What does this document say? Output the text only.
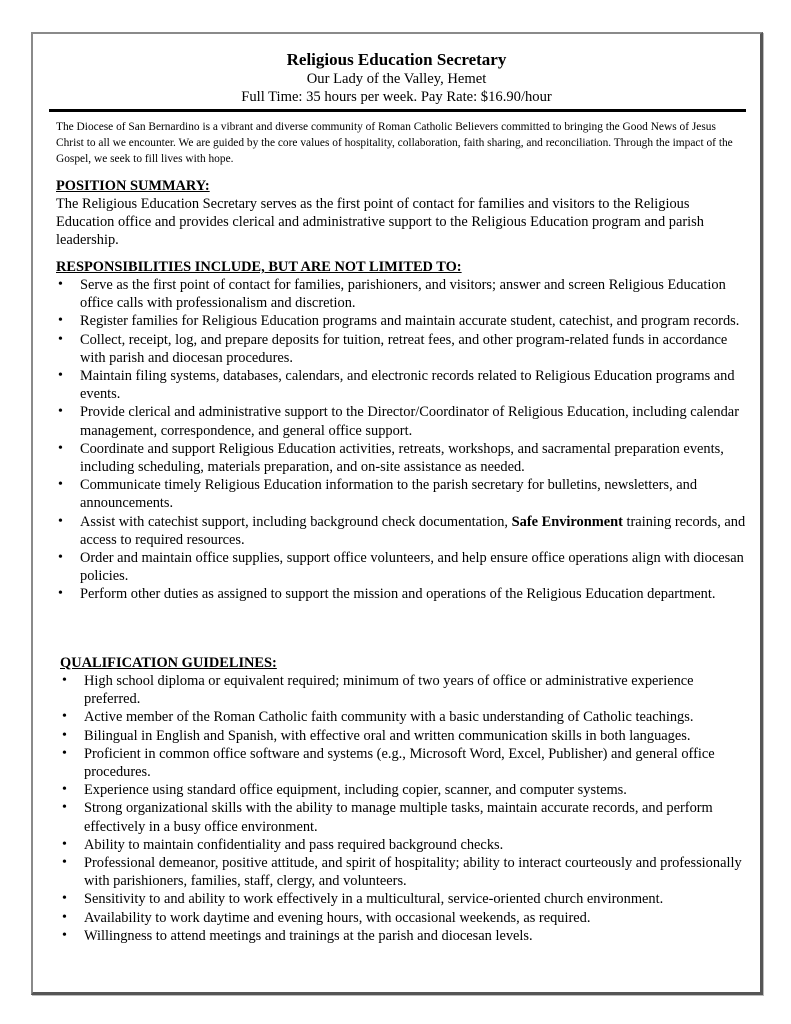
Religious Education Secretary
Our Lady of the Valley, Hemet
Full Time: 35 hours per week. Pay Rate: $16.90/hour
The Diocese of San Bernardino is a vibrant and diverse community of Roman Catholic Believers committed to bringing the Good News of Jesus Christ to all we encounter. We are guided by the core values of hospitality, collaboration, faith sharing, and reconciliation. Through the impact of the Gospel, we seek to fill lives with hope.
POSITION SUMMARY:
The Religious Education Secretary serves as the first point of contact for families and visitors to the Religious Education office and provides clerical and administrative support to the Religious Education program and parish leadership.
RESPONSIBILITIES INCLUDE, BUT ARE NOT LIMITED TO:
• Serve as the first point of contact for families, parishioners, and visitors; answer and screen Religious Education office calls with professionalism and discretion.
• Register families for Religious Education programs and maintain accurate student, catechist, and program records.
• Collect, receipt, log, and prepare deposits for tuition, retreat fees, and other program-related funds in accordance with parish and diocesan procedures.
• Maintain filing systems, databases, calendars, and electronic records related to Religious Education programs and events.
• Provide clerical and administrative support to the Director/Coordinator of Religious Education, including calendar management, correspondence, and general office support.
• Coordinate and support Religious Education activities, retreats, workshops, and sacramental preparation events, including scheduling, materials preparation, and on-site assistance as needed.
• Communicate timely Religious Education information to the parish secretary for bulletins, newsletters, and announcements.
• Assist with catechist support, including background check documentation, Safe Environment training records, and access to required resources.
• Order and maintain office supplies, support office volunteers, and help ensure office operations align with diocesan policies.
• Perform other duties as assigned to support the mission and operations of the Religious Education department.
QUALIFICATION GUIDELINES:
• High school diploma or equivalent required; minimum of two years of office or administrative experience preferred.
• Active member of the Roman Catholic faith community with a basic understanding of Catholic teachings.
• Bilingual in English and Spanish, with effective oral and written communication skills in both languages.
• Proficient in common office software and systems (e.g., Microsoft Word, Excel, Publisher) and general office procedures.
• Experience using standard office equipment, including copier, scanner, and computer systems.
• Strong organizational skills with the ability to manage multiple tasks, maintain accurate records, and perform effectively in a busy office environment.
• Ability to maintain confidentiality and pass required background checks.
• Professional demeanor, positive attitude, and spirit of hospitality; ability to interact courteously and professionally with parishioners, families, staff, clergy, and volunteers.
• Sensitivity to and ability to work effectively in a multicultural, service-oriented church environment.
• Availability to work daytime and evening hours, with occasional weekends, as required.
• Willingness to attend meetings and trainings at the parish and diocesan levels.
